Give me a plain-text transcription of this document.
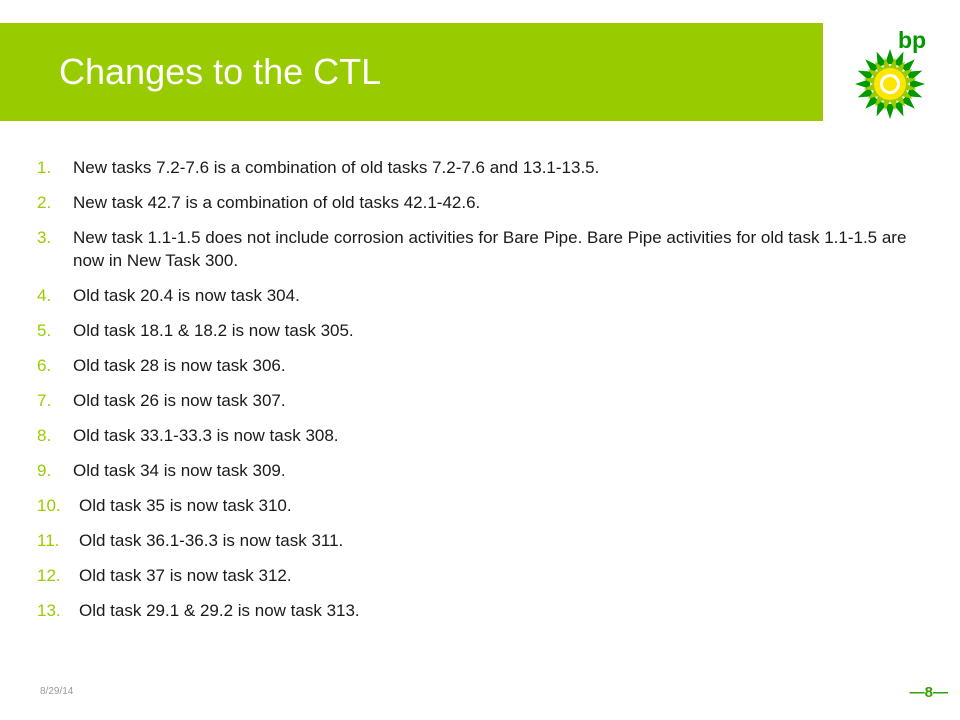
Changes to the CTL
bp
1. New tasks 7.2-7.6 is a combination of old tasks 7.2-7.6 and 13.1-13.5.
2. New task 42.7 is a combination of old tasks 42.1-42.6.
3. New task 1.1-1.5 does not include corrosion activities for Bare Pipe. Bare Pipe activities for old task 1.1-1.5 are now in New Task 300.
4. Old task 20.4 is now task 304.
5. Old task 18.1 & 18.2 is now task 305.
6. Old task 28 is now task 306.
7. Old task 26 is now task 307.
8. Old task 33.1-33.3 is now task 308.
9. Old task 34 is now task 309.
10. Old task 35 is now task 310.
11. Old task 36.1-36.3 is now task 311.
12. Old task 37 is now task 312.
13. Old task 29.1 & 29.2 is now task 313.
8/29/14	—8—
